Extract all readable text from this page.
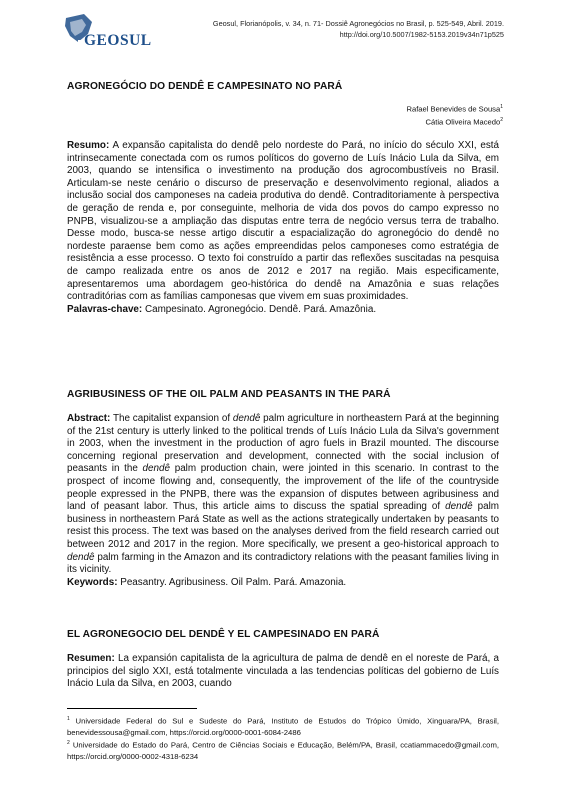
GEOSUL
Geosul, Florianópolis, v. 34, n. 71- Dossiê Agronegócios no Brasil, p. 525-549, Abril. 2019.
http://doi.org/10.5007/1982-5153.2019v34n71p525
AGRONEGÓCIO DO DENDÊ E CAMPESINATO NO PARÁ
Rafael Benevides de Sousa$^1$
Cátia Oliveira Macedo$^2$
Resumo: A expansão capitalista do dendê pelo nordeste do Pará, no início do século XXI, está intrinsecamente conectada com os rumos políticos do governo de Luís Inácio Lula da Silva, em 2003, quando se intensifica o investimento na produção dos agrocombustíveis no Brasil. Articulam-se neste cenário o discurso de preservação e desenvolvimento regional, aliados a inclusão social dos camponeses na cadeia produtiva do dendê. Contraditoriamente à perspectiva de geração de renda e, por conseguinte, melhoria de vida dos povos do campo expresso no PNPB, visualizou-se a ampliação das disputas entre terra de negócio versus terra de trabalho. Desse modo, busca-se nesse artigo discutir a espacialização do agronegócio do dendê no nordeste paraense bem como as ações empreendidas pelos camponeses como estratégia de resistência a esse processo. O texto foi construído a partir das reflexões suscitadas na pesquisa de campo realizada entre os anos de 2012 e 2017 na região. Mais especificamente, apresentaremos uma abordagem geo-histórica do dendê na Amazônia e suas relações contraditórias com as famílias camponesas que vivem em suas proximidades.
Palavras-chave: Campesinato. Agronegócio. Dendê. Pará. Amazônia.
AGRIBUSINESS OF THE OIL PALM AND PEASANTS IN THE PARÁ
Abstract: The capitalist expansion of dendê palm agriculture in northeastern Pará at the beginning of the 21st century is utterly linked to the political trends of Luís Inácio Lula da Silva's government in 2003, when the investment in the production of agro fuels in Brazil mounted. The discourse concerning regional preservation and development, connected with the social inclusion of peasants in the dendê palm production chain, were jointed in this scenario. In contrast to the prospect of income flowing and, consequently, the improvement of the life of the countryside people expressed in the PNPB, there was the expansion of disputes between agribusiness and land of peasant labor. Thus, this article aims to discuss the spatial spreading of dendê palm business in northeastern Pará State as well as the actions strategically undertaken by peasants to resist this process. The text was based on the analyses derived from the field research carried out between 2012 and 2017 in the region. More specifically, we present a geo-historical approach to dendê palm farming in the Amazon and its contradictory relations with the peasant families living in its vicinity.
Keywords: Peasantry. Agribusiness. Oil Palm. Pará. Amazonia.
EL AGRONEGOCIO DEL DENDÊ Y EL CAMPESINADO EN PARÁ
Resumen: La expansión capitalista de la agricultura de palma de dendê en el noreste de Pará, a principios del siglo XXI, está totalmente vinculada a las tendencias políticas del gobierno de Luís Inácio Lula da Silva, en 2003, cuando
$^1$ Universidade Federal do Sul e Sudeste do Pará, Instituto de Estudos do Trópico Úmido, Xinguara/PA, Brasil, benevidessousa@gmail.com, https://orcid.org/0000-0001-6084-2486
$^2$ Universidade do Estado do Pará, Centro de Ciências Sociais e Educação, Belém/PA, Brasil, ccatiammacedo@gmail.com, https://orcid.org/0000-0002-4318-6234
